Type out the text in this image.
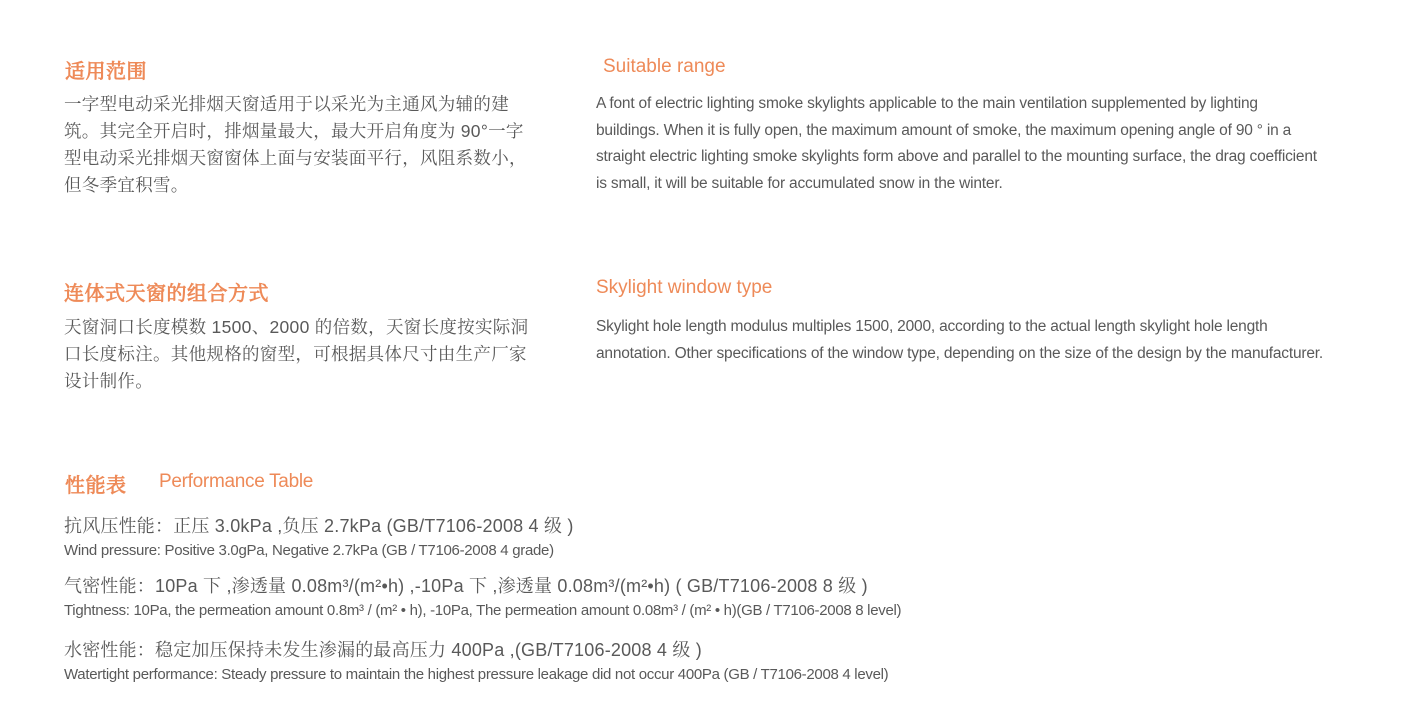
适用范围	Suitable range
一字型电动采光排烟天窗适用于以采光为主通风为辅的建筑。其完全开启时，排烟量最大，最大开启角度为 90°一字型电动采光排烟天窗窗体上面与安装面平行，风阻系数小，但冬季宜积雪。
A font of electric lighting smoke skylights applicable to the main ventilation supplemented by lighting buildings. When it is fully open, the maximum amount of smoke, the maximum opening angle of 90 ° in a straight electric lighting smoke skylights form above and parallel to the mounting surface, the drag coefficient is small, it will be suitable for accumulated snow in the winter.
连体式天窗的组合方式	Skylight window type
天窗洞口长度模数 1500、2000 的倍数，天窗长度按实际洞口长度标注。其他规格的窗型，可根据具体尺寸由生产厂家设计制作。
Skylight hole length modulus multiples 1500, 2000, according to the actual length skylight hole length annotation. Other specifications of the window type, depending on the size of the design by the manufacturer.
性能表 Performance Table
抗风压性能：正压 3.0kPa ,负压 2.7kPa (GB/T7106-2008 4 级 )
Wind pressure: Positive 3.0gPa, Negative 2.7kPa (GB / T7106-2008 4 grade)
气密性能：10Pa 下 ,渗透量 0.08m³/(m²•h) ,-10Pa 下 ,渗透量 0.08m³/(m²•h) ( GB/T7106-2008 8 级 )
Tightness: 10Pa, the permeation amount 0.8m³ / (m² • h), -10Pa, The permeation amount 0.08m³ / (m² • h)(GB / T7106-2008 8 level)
水密性能：稳定加压保持未发生渗漏的最高压力 400Pa ,(GB/T7106-2008 4 级 )
Watertight performance: Steady pressure to maintain the highest pressure leakage did not occur 400Pa (GB / T7106-2008 4 level)
